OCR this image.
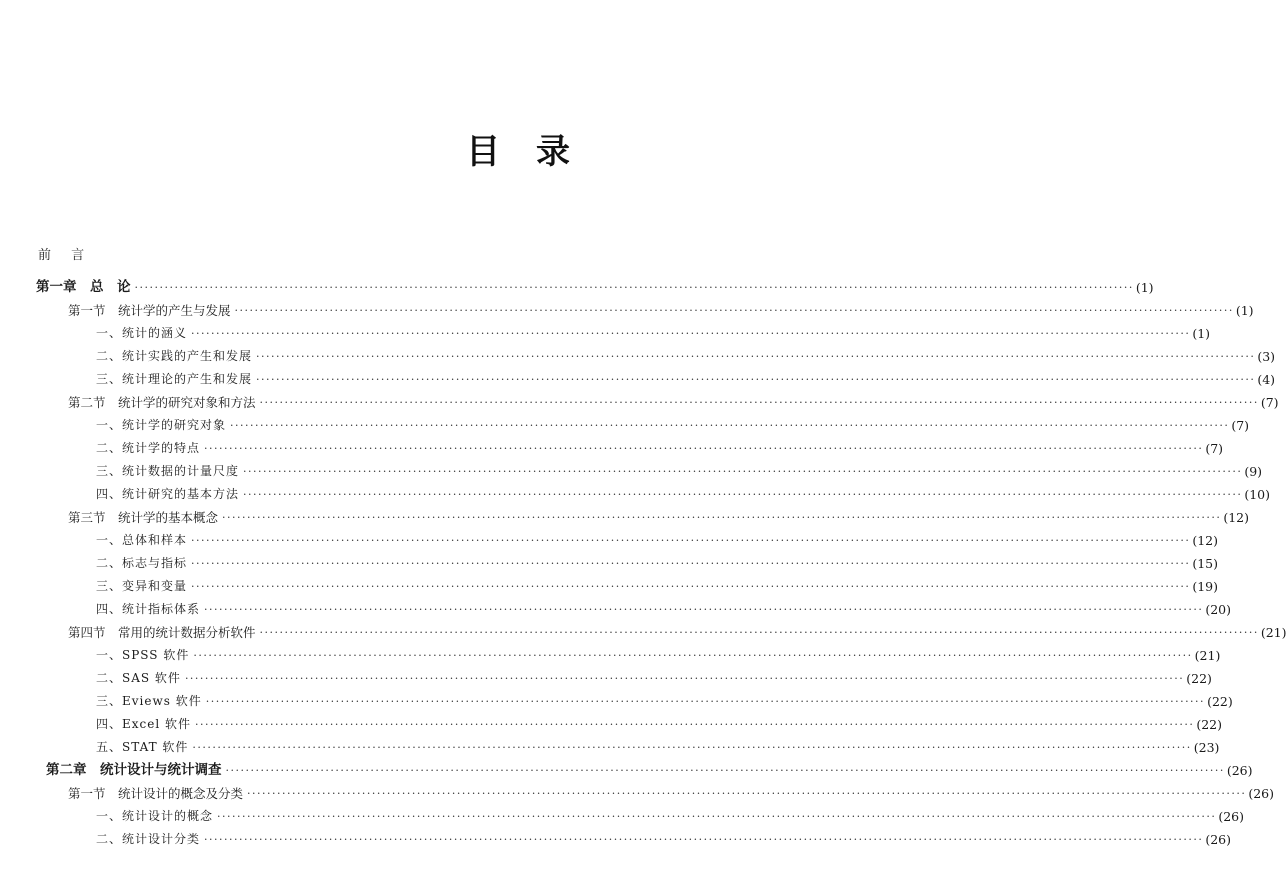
目 录
前 言
第一章　总　论 ········································································································································································································ (1)
第一节　统计学的产生与发展 ········································································································································································································ (1)
一、统计的涵义 ········································································································································································································ (1)
二、统计实践的产生和发展 ········································································································································································································ (3)
三、统计理论的产生和发展 ········································································································································································································ (4)
第二节　统计学的研究对象和方法 ········································································································································································································ (7)
一、统计学的研究对象 ········································································································································································································ (7)
二、统计学的特点 ········································································································································································································ (7)
三、统计数据的计量尺度 ········································································································································································································ (9)
四、统计研究的基本方法 ········································································································································································································ (10)
第三节　统计学的基本概念 ········································································································································································································ (12)
一、总体和样本 ········································································································································································································ (12)
二、标志与指标 ········································································································································································································ (15)
三、变异和变量 ········································································································································································································ (19)
四、统计指标体系 ········································································································································································································ (20)
第四节　常用的统计数据分析软件 ········································································································································································································ (21)
一、SPSS 软件 ········································································································································································································ (21)
二、SAS 软件 ········································································································································································································ (22)
三、Eviews 软件 ········································································································································································································ (22)
四、Excel 软件 ········································································································································································································ (22)
五、STAT 软件 ········································································································································································································ (23)
第二章　统计设计与统计调查 ········································································································································································································ (26)
第一节　统计设计的概念及分类 ········································································································································································································ (26)
一、统计设计的概念 ········································································································································································································ (26)
二、统计设计分类 ········································································································································································································ (26)
